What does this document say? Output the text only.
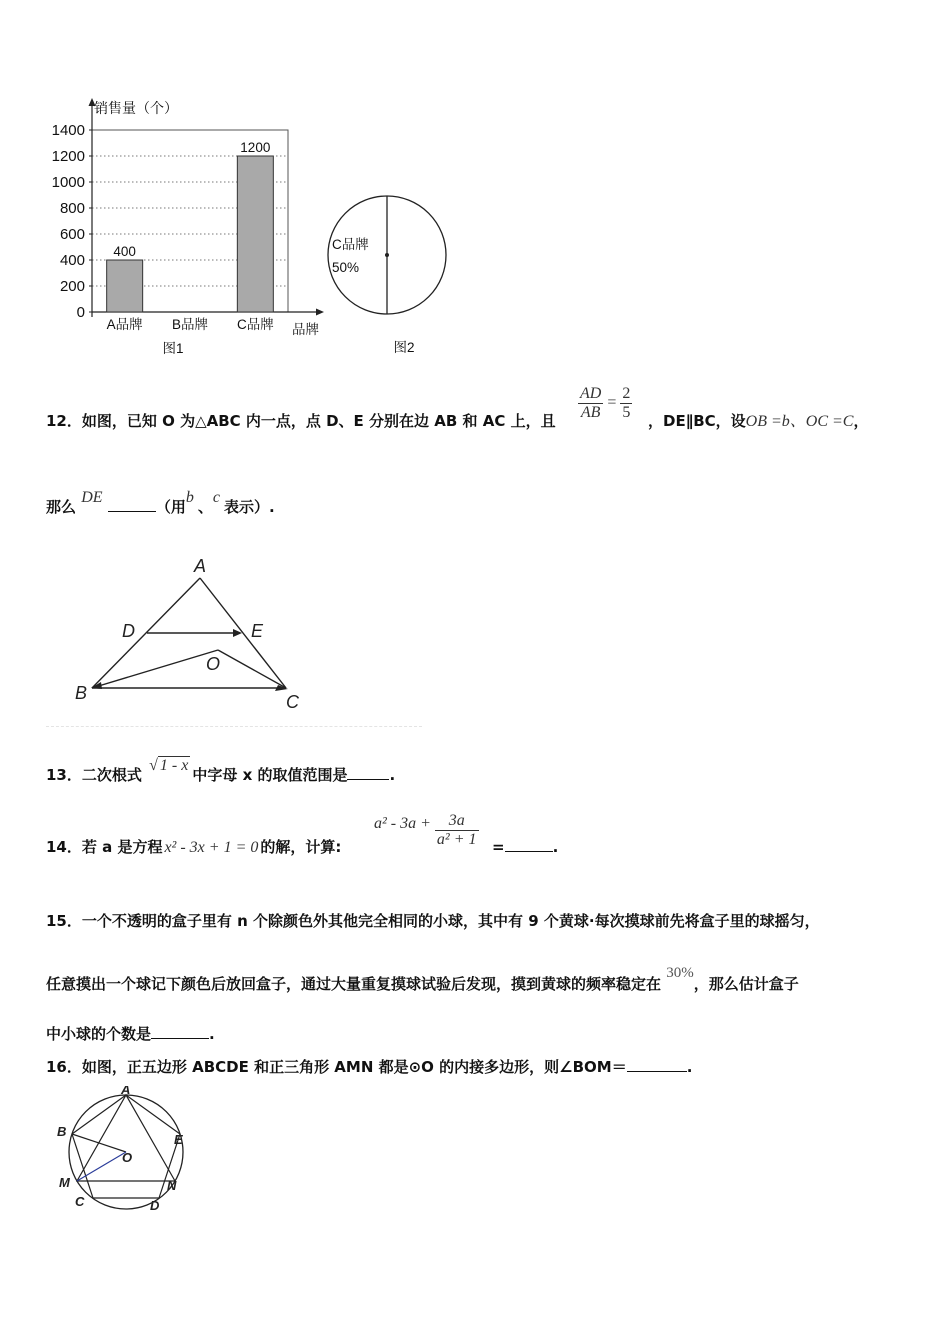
0
200
400
600
800
1000
1200
1400
400
1200
A品牌 B品牌 C品牌
销售量（个）
品牌
图1
C品牌
50%
图2
12．如图，已知 O 为△ABC 内一点，点 D、E 分别在边 AB 和 AC 上，且 $\frac{AD}{AB} = \frac{2}{5}$ ，DE∥BC，设OB =b、OC =C，
那么 DE （用b、c表示）.
A
D	E
O
B	C
13．二次根式 √ 1 - x中字母 x 的取值范围是	.
14．若 a 是方程 x² - 3x + 1 = 0 的解，计算:
$a^2 - 3a + \frac{3a}{\text{a² + 1}}$ =	.
15．一个不透明的盒子里有 n 个除颜色外其他完全相同的小球，其中有 9 个黄球·每次摸球前先将盒子里的球摇匀，
任意摸出一个球记下颜色后放回盒子，通过大量重复摸球试验后发现，摸到黄球的频率稳定在 30%，那么估计盒子
中小球的个数是	.
16．如图，正五边形 ABCDE 和正三角形 AMN 都是⊙O 的内接多边形，则∠BOM＝	.
A
B
E
O
M	N
C	D
